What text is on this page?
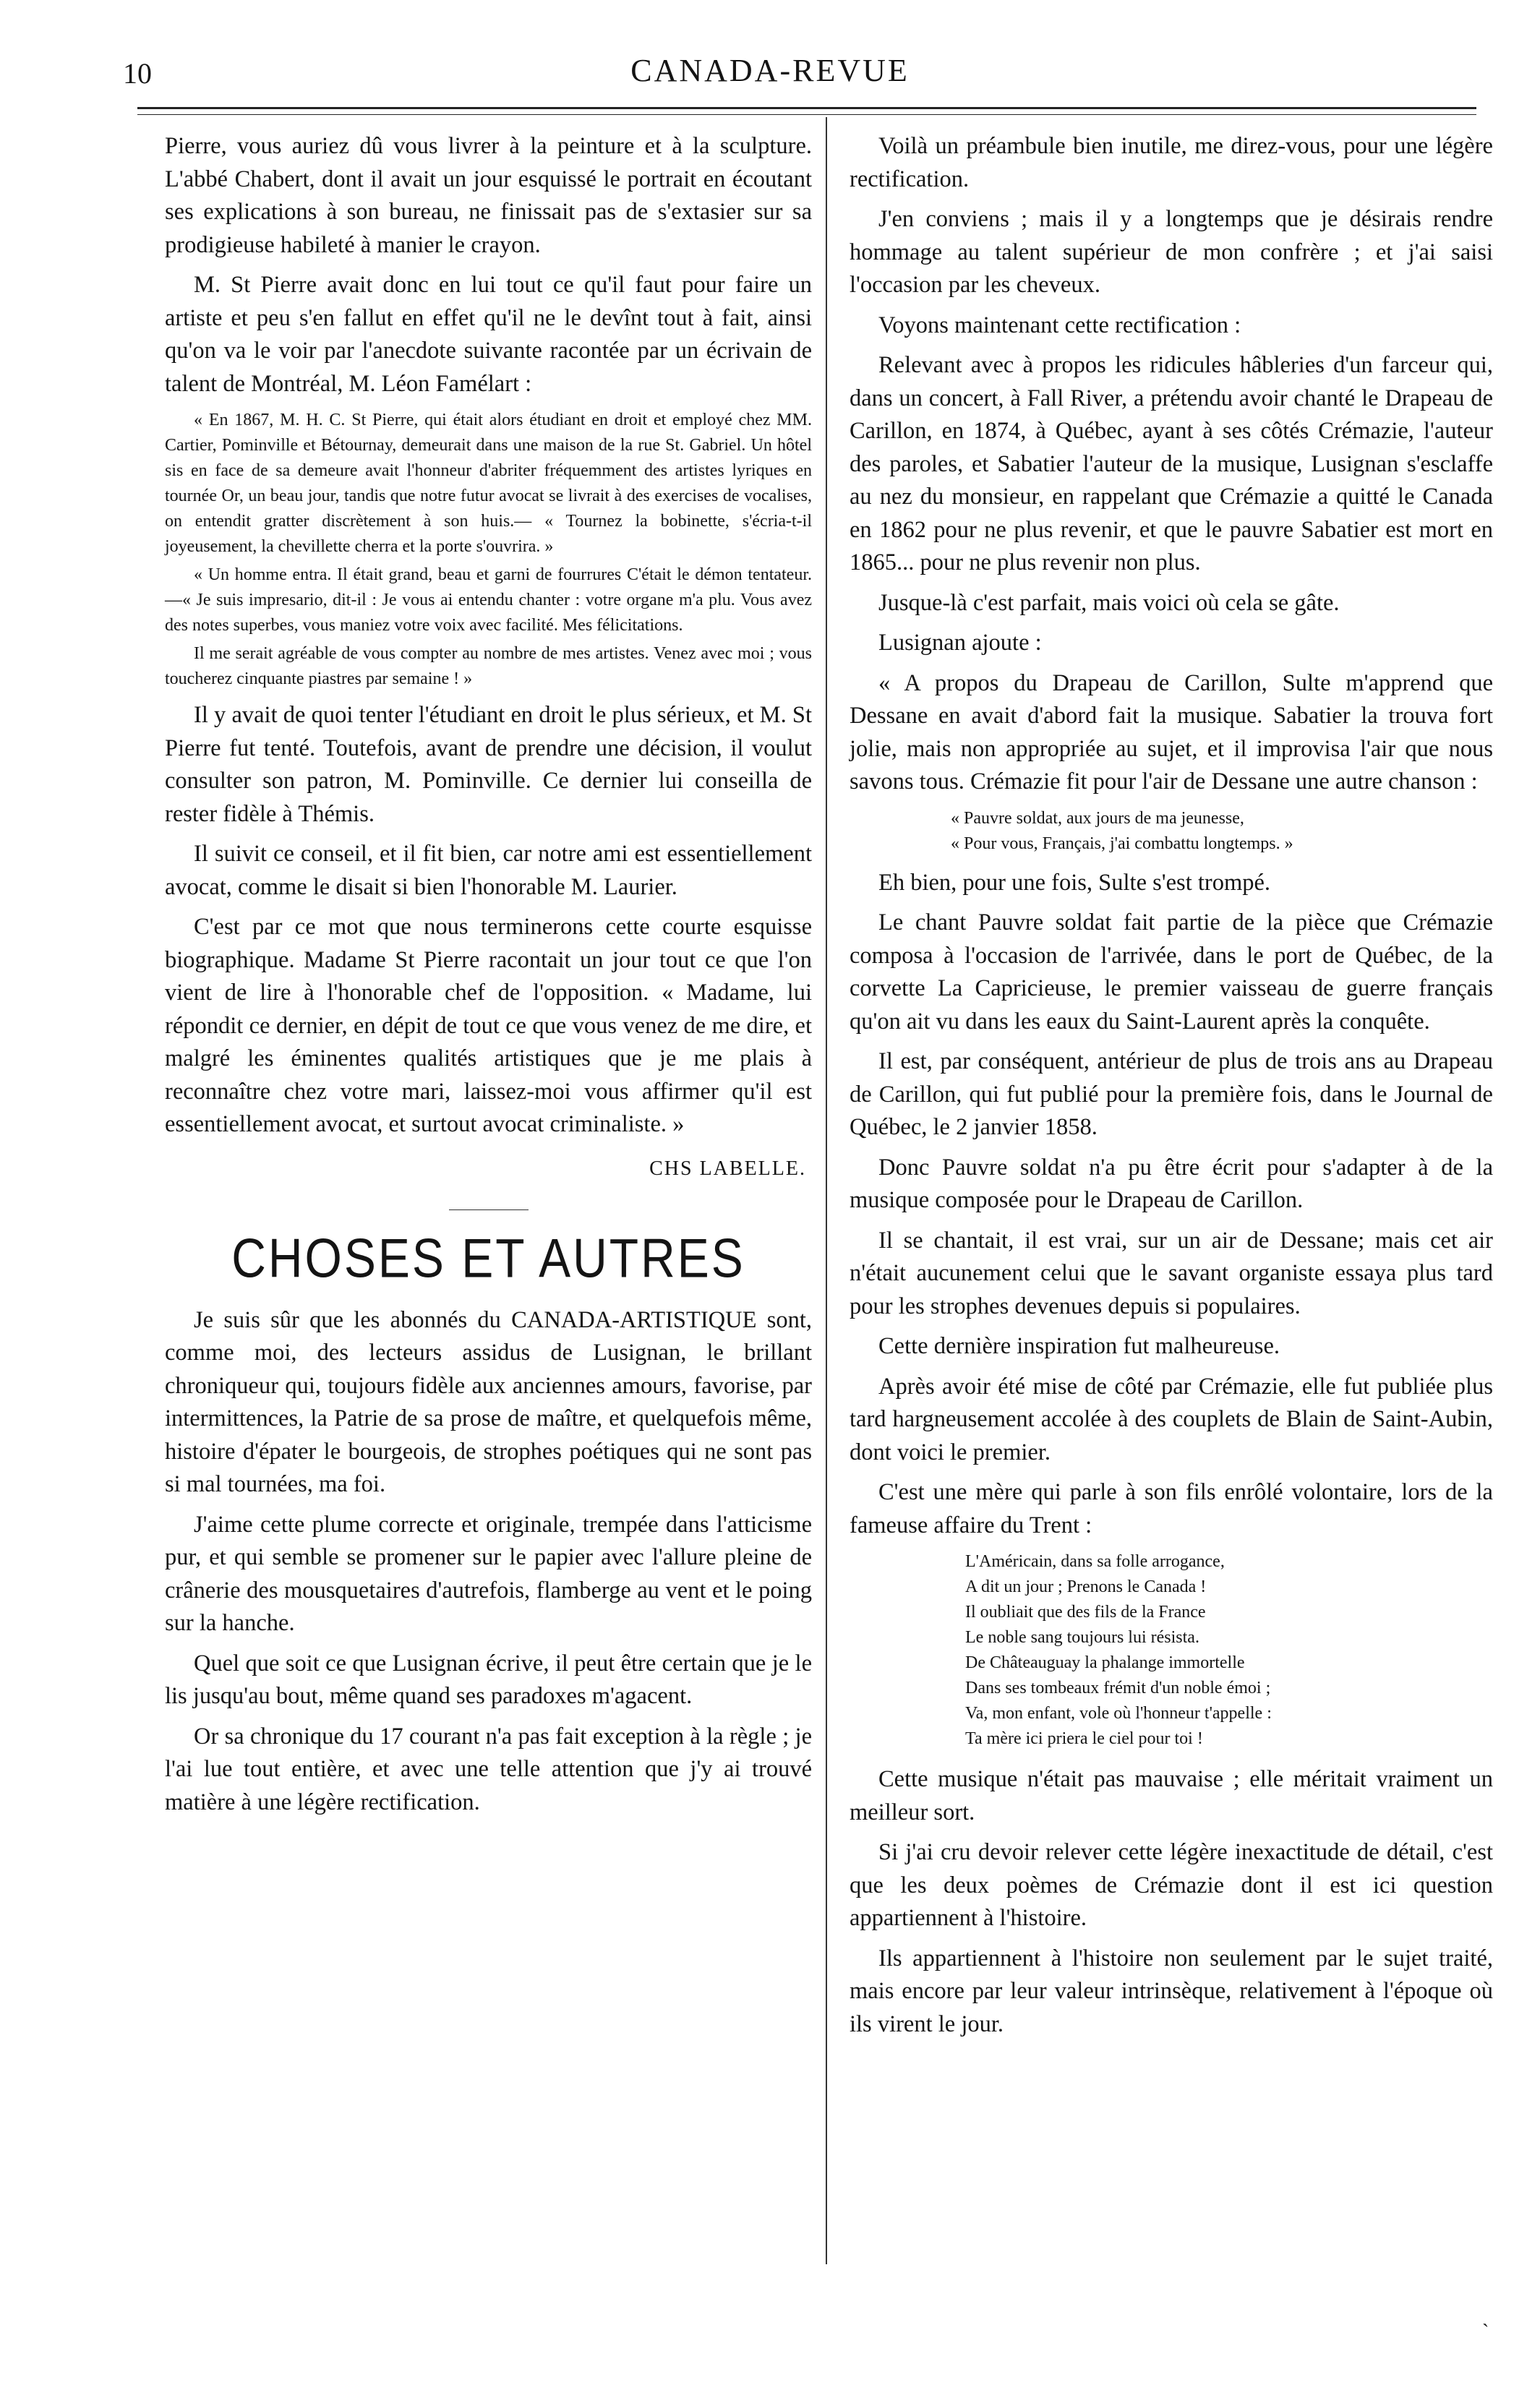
10	CANADA-REVUE

Pierre, vous auriez dû vous livrer à la peinture et à la sculpture. L'abbé Chabert, dont il avait un jour esquissé le portrait en écoutant ses explications à son bureau, ne finissait pas de s'extasier sur sa prodigieuse habileté à manier le crayon.

M. St Pierre avait donc en lui tout ce qu'il faut pour faire un artiste et peu s'en fallut en effet qu'il ne le devînt tout à fait, ainsi qu'on va le voir par l'anecdote suivante racontée par un écrivain de talent de Montréal, M. Léon Famélart :

« En 1867, M. H. C. St Pierre, qui était alors étudiant en droit et employé chez MM. Cartier, Pominville et Bétournay, demeurait dans une maison de la rue St. Gabriel. Un hôtel sis en face de sa demeure avait l'honneur d'abriter fréquemment des artistes lyriques en tournée Or, un beau jour, tandis que notre futur avocat se livrait à des exercises de vocalises, on entendit gratter discrètement à son huis.— « Tournez la bobinette, s'écria-t-il joyeusement, la chevillette cherra et la porte s'ouvrira. »

« Un homme entra. Il était grand, beau et garni de fourrures C'était le démon tentateur.—« Je suis impresario, dit-il : Je vous ai entendu chanter : votre organe m'a plu. Vous avez des notes superbes, vous maniez votre voix avec facilité. Mes félicitations.

Il me serait agréable de vous compter au nombre de mes artistes. Venez avec moi ; vous toucherez cinquante piastres par semaine ! »

Il y avait de quoi tenter l'étudiant en droit le plus sérieux, et M. St Pierre fut tenté. Toutefois, avant de prendre une décision, il voulut consulter son patron, M. Pominville. Ce dernier lui conseilla de rester fidèle à Thémis.

Il suivit ce conseil, et il fit bien, car notre ami est essentiellement avocat, comme le disait si bien l'honorable M. Laurier.

C'est par ce mot que nous terminerons cette courte esquisse biographique. Madame St Pierre racontait un jour tout ce que l'on vient de lire à l'honorable chef de l'opposition. « Madame, lui répondit ce dernier, en dépit de tout ce que vous venez de me dire, et malgré les éminentes qualités artistiques que je me plais à reconnaître chez votre mari, laissez-moi vous affirmer qu'il est essentiellement avocat, et surtout avocat criminaliste. »

CHS LABELLE.
CHOSES ET AUTRES

Je suis sûr que les abonnés du CANADA-ARTISTIQUE sont, comme moi, des lecteurs assidus de Lusignan, le brillant chroniqueur qui, toujours fidèle aux anciennes amours, favorise, par intermittences, la Patrie de sa prose de maître, et quelquefois même, histoire d'épater le bourgeois, de strophes poétiques qui ne sont pas si mal tournées, ma foi.

J'aime cette plume correcte et originale, trempée dans l'atticisme pur, et qui semble se promener sur le papier avec l'allure pleine de crânerie des mousquetaires d'autrefois, flamberge au vent et le poing sur la hanche.

Quel que soit ce que Lusignan écrive, il peut être certain que je le lis jusqu'au bout, même quand ses paradoxes m'agacent.

Or sa chronique du 17 courant n'a pas fait exception à la règle ; je l'ai lue tout entière, et avec une telle attention que j'y ai trouvé matière à une légère rectification.

Voilà un préambule bien inutile, me direz-vous, pour une légère rectification.

J'en conviens ; mais il y a longtemps que je désirais rendre hommage au talent supérieur de mon confrère ; et j'ai saisi l'occasion par les cheveux.

Voyons maintenant cette rectification :

Relevant avec à propos les ridicules hâbleries d'un farceur qui, dans un concert, à Fall River, a prétendu avoir chanté le Drapeau de Carillon, en 1874, à Québec, ayant à ses côtés Crémazie, l'auteur des paroles, et Sabatier l'auteur de la musique, Lusignan s'esclaffe au nez du monsieur, en rappelant que Crémazie a quitté le Canada en 1862 pour ne plus revenir, et que le pauvre Sabatier est mort en 1865... pour ne plus revenir non plus.

Jusque-là c'est parfait, mais voici où cela se gâte.

Lusignan ajoute :

« A propos du Drapeau de Carillon, Sulte m'apprend que Dessane en avait d'abord fait la musique. Sabatier la trouva fort jolie, mais non appropriée au sujet, et il improvisa l'air que nous savons tous. Crémazie fit pour l'air de Dessane une autre chanson :

« Pauvre soldat, aux jours de ma jeunesse,
« Pour vous, Français, j'ai combattu longtemps. »

Eh bien, pour une fois, Sulte s'est trompé.

Le chant Pauvre soldat fait partie de la pièce que Crémazie composa à l'occasion de l'arrivée, dans le port de Québec, de la corvette La Capricieuse, le premier vaisseau de guerre français qu'on ait vu dans les eaux du Saint-Laurent après la conquête.

Il est, par conséquent, antérieur de plus de trois ans au Drapeau de Carillon, qui fut publié pour la première fois, dans le Journal de Québec, le 2 janvier 1858.

Donc Pauvre soldat n'a pu être écrit pour s'adapter à de la musique composée pour le Drapeau de Carillon.

Il se chantait, il est vrai, sur un air de Dessane; mais cet air n'était aucunement celui que le savant organiste essaya plus tard pour les strophes devenues depuis si populaires.

Cette dernière inspiration fut malheureuse.

Après avoir été mise de côté par Crémazie, elle fut publiée plus tard hargneusement accolée à des couplets de Blain de Saint-Aubin, dont voici le premier.

C'est une mère qui parle à son fils enrôlé volontaire, lors de la fameuse affaire du Trent :

L'Américain, dans sa folle arrogance,
A dit un jour ; Prenons le Canada !
Il oubliait que des fils de la France
Le noble sang toujours lui résista.
De Châteauguay la phalange immortelle
Dans ses tombeaux frémit d'un noble émoi ;
Va, mon enfant, vole où l'honneur t'appelle :
Ta mère ici priera le ciel pour toi !

Cette musique n'était pas mauvaise ; elle méritait vraiment un meilleur sort.

Si j'ai cru devoir relever cette légère inexactitude de détail, c'est que les deux poèmes de Crémazie dont il est ici question appartiennent à l'histoire.

Ils appartiennent à l'histoire non seulement par le sujet traité, mais encore par leur valeur intrinsèque, relativement à l'époque où ils virent le jour.

`
